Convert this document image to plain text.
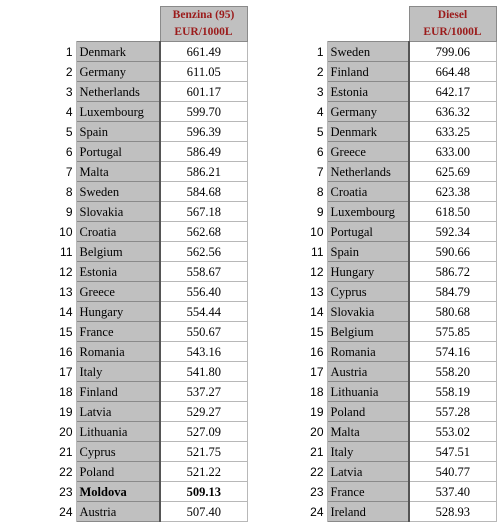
		Benzina (95)
EUR/1000L

1	Denmark	661.49
2	Germany	611.05
3	Netherlands	601.17
4	Luxembourg	599.70
5	Spain	596.39
6	Portugal	586.49
7	Malta	586.21
8	Sweden	584.68
9	Slovakia	567.18
10	Croatia	562.68
11	Belgium	562.56
12	Estonia	558.67
13	Greece	556.40
14	Hungary	554.44
15	France	550.67
16	Romania	543.16
17	Italy	541.80
18	Finland	537.27
19	Latvia	529.27
20	Lithuania	527.09
21	Cyprus	521.75
22	Poland	521.22
23	Moldova	509.13
24	Austria	507.40

		Diesel
EUR/1000L

1	Sweden	799.06
2	Finland	664.48
3	Estonia	642.17
4	Germany	636.32
5	Denmark	633.25
6	Greece	633.00
7	Netherlands	625.69
8	Croatia	623.38
9	Luxembourg	618.50
10	Portugal	592.34
11	Spain	590.66
12	Hungary	586.72
13	Cyprus	584.79
14	Slovakia	580.68
15	Belgium	575.85
16	Romania	574.16
17	Austria	558.20
18	Lithuania	558.19
19	Poland	557.28
20	Malta	553.02
21	Italy	547.51
22	Latvia	540.77
23	France	537.40
24	Ireland	528.93
